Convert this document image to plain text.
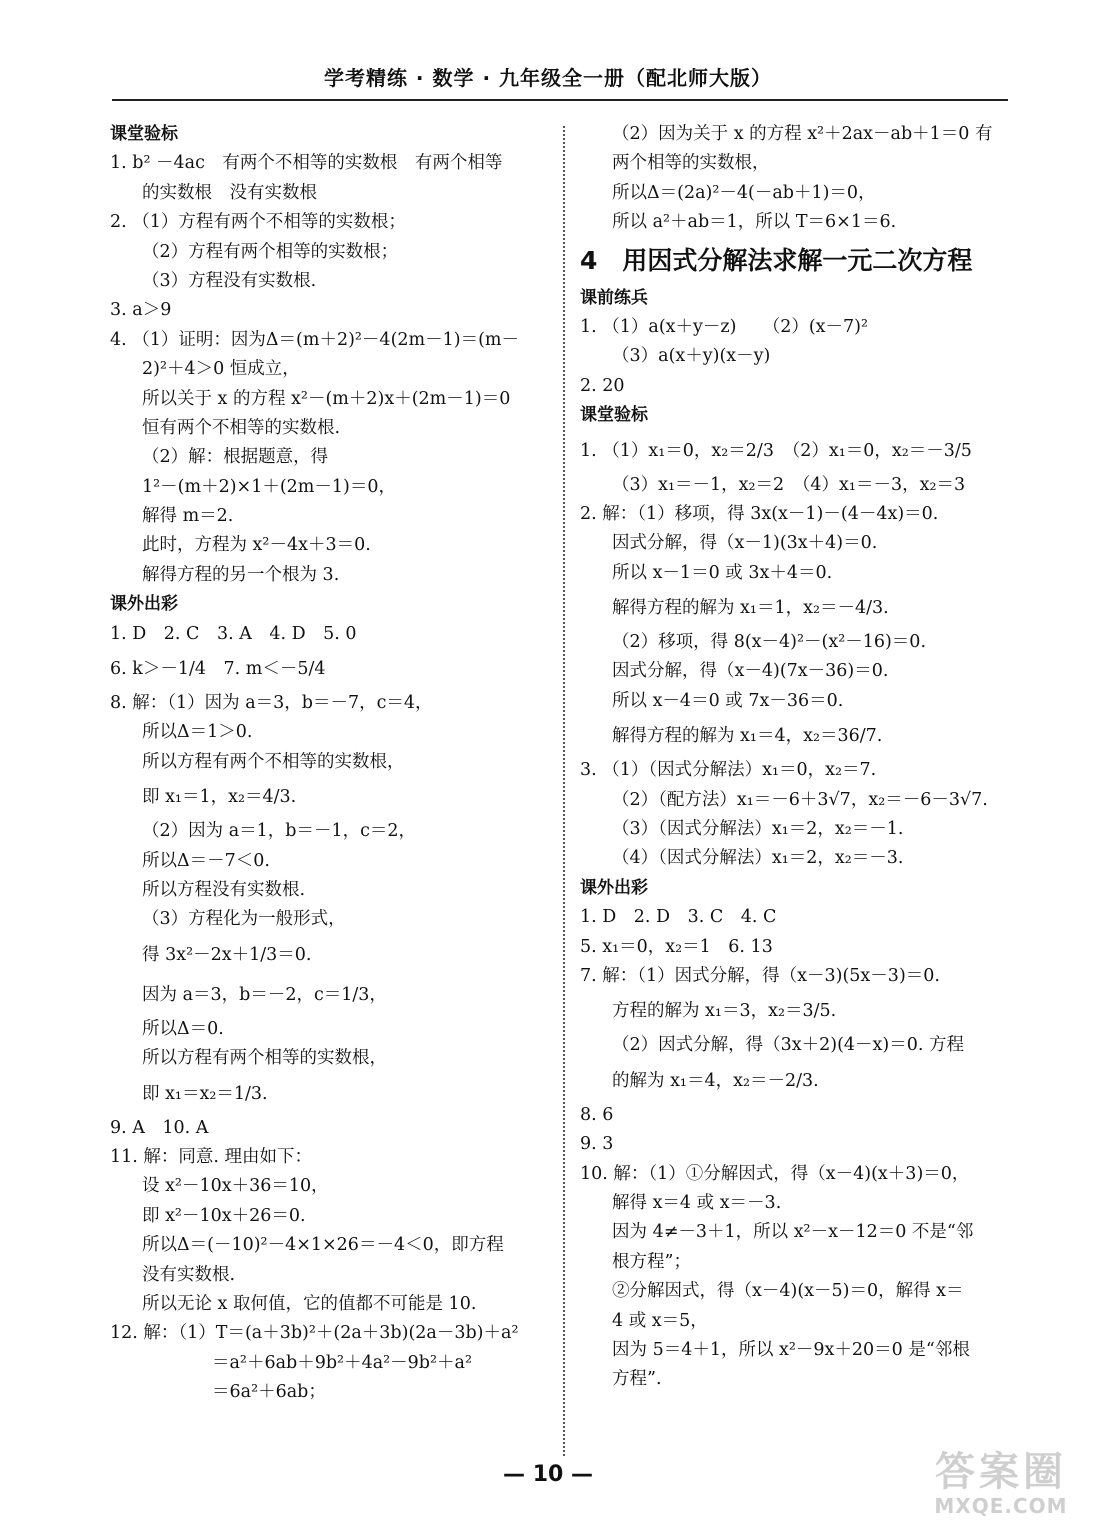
学考精练 · 数学 · 九年级全一册（配北师大版）
课堂验标
1. b² －4ac　有两个不相等的实数根　有两个相等
的实数根　没有实数根
2. （1）方程有两个不相等的实数根；
（2）方程有两个相等的实数根；
（3）方程没有实数根.
3. a＞9
4. （1）证明：因为Δ＝(m＋2)²－4(2m－1)＝(m－
2)²＋4＞0 恒成立，
所以关于 x 的方程 x²－(m＋2)x＋(2m－1)＝0
恒有两个不相等的实数根.
（2）解：根据题意，得
1²－(m＋2)×1＋(2m－1)＝0，
解得 m＝2.
此时，方程为 x²－4x＋3＝0.
解得方程的另一个根为 3.
课外出彩
1. D　2. C　3. A　4. D　5. 0
6. k＞－1/4　7. m＜－5/4
8. 解：（1）因为 a＝3，b＝－7，c＝4，
所以Δ＝1＞0.
所以方程有两个不相等的实数根，
即 x₁＝1，x₂＝4/3.
（2）因为 a＝1，b＝－1，c＝2，
所以Δ＝－7＜0.
所以方程没有实数根.
（3）方程化为一般形式，
得 3x²－2x＋1/3＝0.
因为 a＝3，b＝－2，c＝1/3，
所以Δ＝0.
所以方程有两个相等的实数根，
即 x₁＝x₂＝1/3.
9. A　10. A
11. 解：同意. 理由如下：
设 x²－10x＋36＝10，
即 x²－10x＋26＝0.
所以Δ＝(－10)²－4×1×26＝－4＜0，即方程
没有实数根.
所以无论 x 取何值，它的值都不可能是 10.
12. 解：（1）T＝(a＋3b)²＋(2a＋3b)(2a－3b)＋a²
　　　　＝a²＋6ab＋9b²＋4a²－9b²＋a²
　　　　＝6a²＋6ab；
（2）因为关于 x 的方程 x²＋2ax－ab＋1＝0 有
两个相等的实数根，
所以Δ＝(2a)²－4(－ab＋1)＝0，
所以 a²＋ab＝1，所以 T＝6×1＝6.
4　用因式分解法求解一元二次方程
课前练兵
1. （1）a(x＋y－z)　　（2）(x－7)²
（3）a(x＋y)(x－y)
2. 20
课堂验标
1. （1）x₁＝0，x₂＝2/3　（2）x₁＝0，x₂＝－3/5
（3）x₁＝－1，x₂＝2　（4）x₁＝－3，x₂＝3
2. 解：（1）移项，得 3x(x－1)－(4－4x)＝0.
因式分解，得（x－1)(3x＋4)＝0.
所以 x－1＝0 或 3x＋4＝0.
解得方程的解为 x₁＝1，x₂＝－4/3.
（2）移项，得 8(x－4)²－(x²－16)＝0.
因式分解，得（x－4)(7x－36)＝0.
所以 x－4＝0 或 7x－36＝0.
解得方程的解为 x₁＝4，x₂＝36/7.
3. （1）（因式分解法）x₁＝0，x₂＝7.
（2）（配方法）x₁＝－6＋3√7，x₂＝－6－3√7.
（3）（因式分解法）x₁＝2，x₂＝－1.
（4）（因式分解法）x₁＝2，x₂＝－3.
课外出彩
1. D　2. D　3. C　4. C
5. x₁＝0，x₂＝1　6. 13
7. 解：（1）因式分解，得（x－3)(5x－3)＝0.
方程的解为 x₁＝3，x₂＝3/5.
（2）因式分解，得（3x＋2)(4－x)＝0. 方程
的解为 x₁＝4，x₂＝－2/3.
8. 6
9. 3
10. 解：（1）①分解因式，得（x－4)(x＋3)＝0，
解得 x＝4 或 x＝－3.
因为 4≠－3＋1，所以 x²－x－12＝0 不是“邻
根方程”；
②分解因式，得（x－4)(x－5)＝0，解得 x＝
4 或 x＝5，
因为 5＝4＋1，所以 x²－9x＋20＝0 是“邻根
方程”.
— 10 —	答案圈
MXQE.COM
